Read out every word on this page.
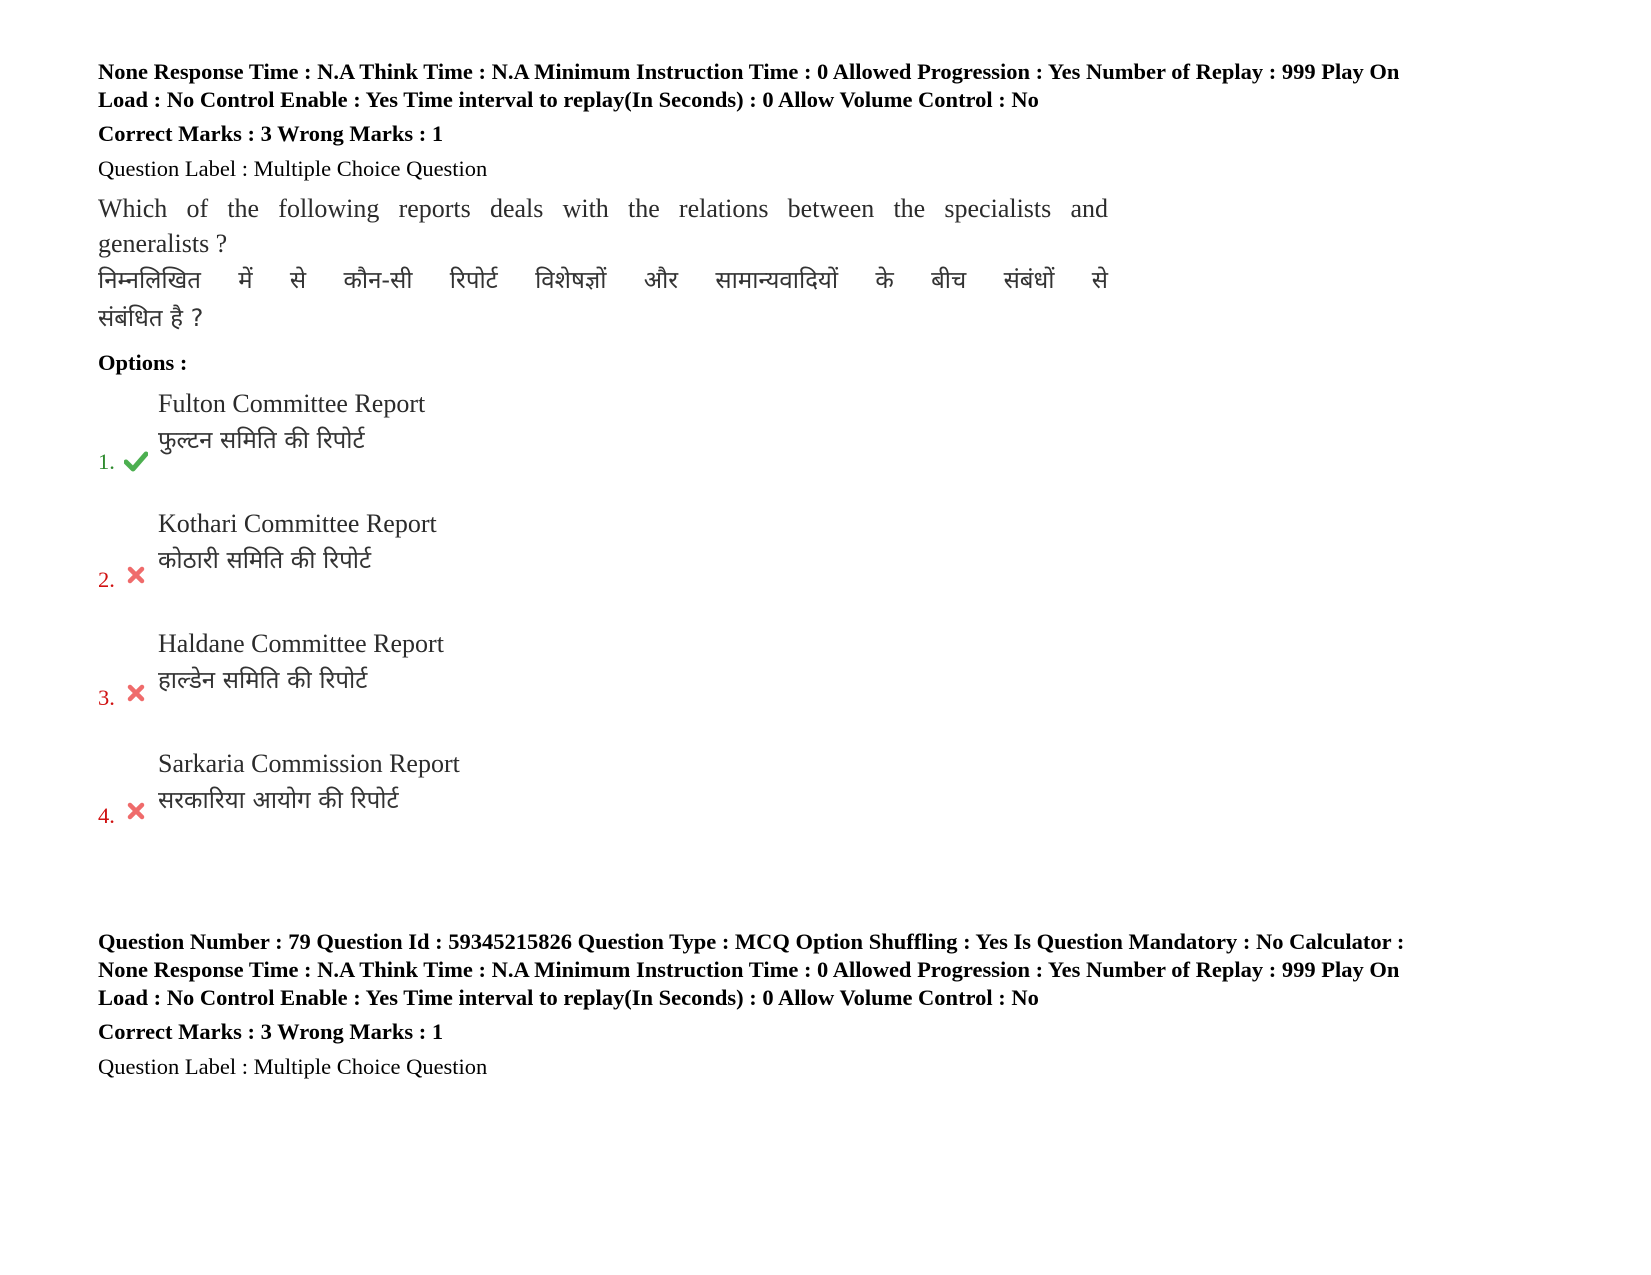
None Response Time : N.A Think Time : N.A Minimum Instruction Time : 0 Allowed Progression : Yes Number of Replay : 999 Play On
Load : No Control Enable : Yes Time interval to replay(In Seconds) : 0 Allow Volume Control : No
Correct Marks : 3 Wrong Marks : 1
Question Label : Multiple Choice Question
Which of the following reports deals with the relations between the specialists and
generalists ?
निम्नलिखित में से कौन-सी रिपोर्ट विशेषज्ञों और सामान्यवादियों के बीच संबंधों से
संबंधित है ?
Options :
1.
Fulton Committee Report
फुल्टन समिति की रिपोर्ट
2.
Kothari Committee Report
कोठारी समिति की रिपोर्ट
3.
Haldane Committee Report
हाल्डेन समिति की रिपोर्ट
4.
Sarkaria Commission Report
सरकारिया आयोग की रिपोर्ट
Question Number : 79 Question Id : 59345215826 Question Type : MCQ Option Shuffling : Yes Is Question Mandatory : No Calculator :
None Response Time : N.A Think Time : N.A Minimum Instruction Time : 0 Allowed Progression : Yes Number of Replay : 999 Play On
Load : No Control Enable : Yes Time interval to replay(In Seconds) : 0 Allow Volume Control : No
Correct Marks : 3 Wrong Marks : 1
Question Label : Multiple Choice Question
